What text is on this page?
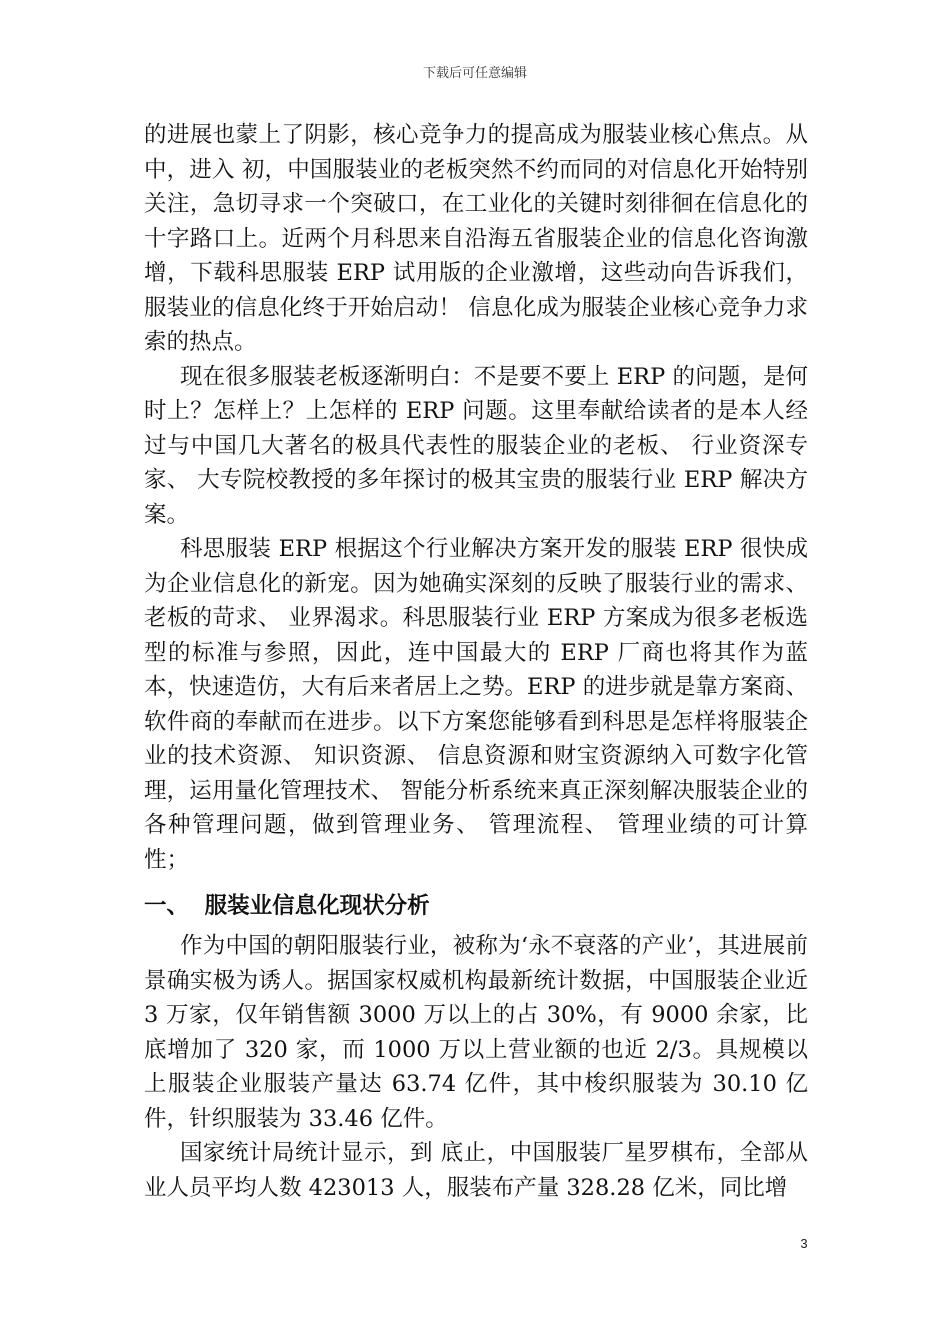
下载后可任意编辑

的进展也蒙上了阴影，核心竞争力的提高成为服装业核心焦点。从 中，进入 初，中国服装业的老板突然不约而同的对信息化开始特别关注，急切寻求一个突破口，在工业化的关键时刻徘徊在信息化的十字路口上。近两个月科思来自沿海五省服装企业的信息化咨询激增，下载科思服装 ERP 试用版的企业激增，这些动向告诉我们，服装业的信息化终于开始启动！ 信息化成为服装企业核心竞争力求索的热点。

现在很多服装老板逐渐明白：不是要不要上 ERP 的问题，是何时上？怎样上？上怎样的 ERP 问题。这里奉献给读者的是本人经过与中国几大著名的极具代表性的服装企业的老板、 行业资深专家、 大专院校教授的多年探讨的极其宝贵的服装行业 ERP 解决方案。

科思服装 ERP 根据这个行业解决方案开发的服装 ERP 很快成为企业信息化的新宠。因为她确实深刻的反映了服装行业的需求、老板的苛求、 业界渴求。科思服装行业 ERP 方案成为很多老板选型的标准与参照，因此，连中国最大的 ERP 厂商也将其作为蓝本，快速造仿，大有后来者居上之势。ERP 的进步就是靠方案商、 软件商的奉献而在进步。以下方案您能够看到科思是怎样将服装企业的技术资源、 知识资源、 信息资源和财宝资源纳入可数字化管理，运用量化管理技术、 智能分析系统来真正深刻解决服装企业的各种管理问题，做到管理业务、 管理流程、 管理业绩的可计算性；

一、  服装业信息化现状分析

作为中国的朝阳服装行业，被称为‘永不衰落的产业’，其进展前景确实极为诱人。据国家权威机构最新统计数据，中国服装企业近 3 万家，仅年销售额 3000 万以上的占 30%，有 9000 余家，比 底增加了 320 家，而 1000 万以上营业额的也近 2/3。具规模以上服装企业服装产量达 63.74 亿件，其中梭织服装为 30.10 亿件，针织服装为 33.46 亿件。

国家统计局统计显示，到 底止，中国服装厂星罗棋布，全部从业人员平均人数 423013 人，服装布产量 328.28 亿米，同比增

3
